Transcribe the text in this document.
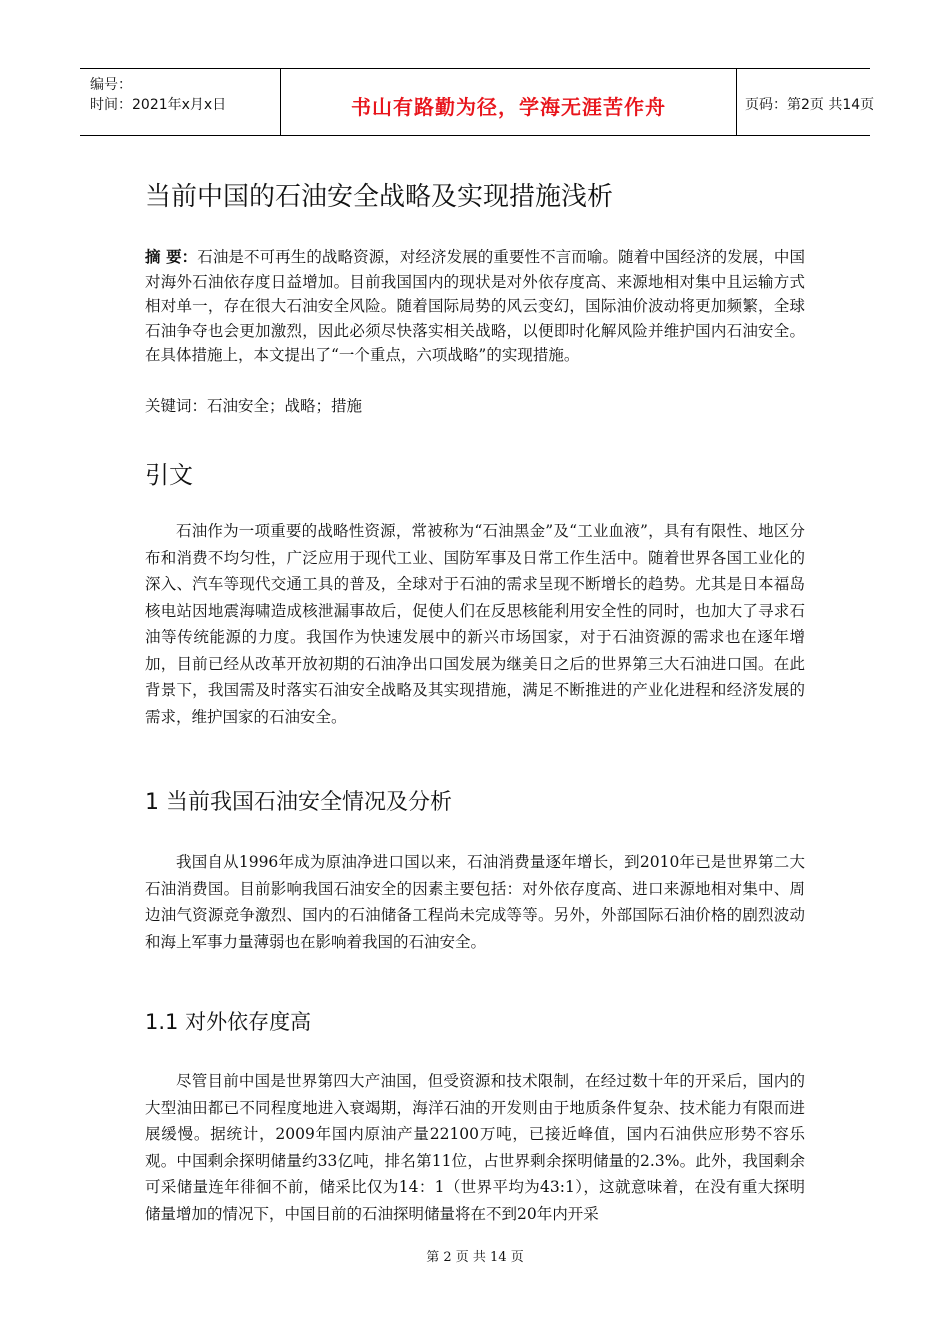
编号：
时间：2021年x月x日	书山有路勤为径，学海无涯苦作舟	页码：第2页 共14页
当前中国的石油安全战略及实现措施浅析
摘 要：石油是不可再生的战略资源，对经济发展的重要性不言而喻。随着中国经济的发展，中国对海外石油依存度日益增加。目前我国国内的现状是对外依存度高、来源地相对集中且运输方式相对单一，存在很大石油安全风险。随着国际局势的风云变幻，国际油价波动将更加频繁，全球石油争夺也会更加激烈，因此必须尽快落实相关战略，以便即时化解风险并维护国内石油安全。在具体措施上，本文提出了“一个重点，六项战略”的实现措施。
关键词：石油安全；战略；措施
引文
石油作为一项重要的战略性资源，常被称为“石油黑金”及“工业血液”，具有有限性、地区分布和消费不均匀性，广泛应用于现代工业、国防军事及日常工作生活中。随着世界各国工业化的深入、汽车等现代交通工具的普及，全球对于石油的需求呈现不断增长的趋势。尤其是日本福岛核电站因地震海啸造成核泄漏事故后，促使人们在反思核能利用安全性的同时，也加大了寻求石油等传统能源的力度。我国作为快速发展中的新兴市场国家，对于石油资源的需求也在逐年增加，目前已经从改革开放初期的石油净出口国发展为继美日之后的世界第三大石油进口国。在此背景下，我国需及时落实石油安全战略及其实现措施，满足不断推进的产业化进程和经济发展的需求，维护国家的石油安全。
1 当前我国石油安全情况及分析
我国自从1996年成为原油净进口国以来，石油消费量逐年增长，到2010年已是世界第二大石油消费国。目前影响我国石油安全的因素主要包括：对外依存度高、进口来源地相对集中、周边油气资源竞争激烈、国内的石油储备工程尚未完成等等。另外，外部国际石油价格的剧烈波动和海上军事力量薄弱也在影响着我国的石油安全。
1.1 对外依存度高
尽管目前中国是世界第四大产油国，但受资源和技术限制，在经过数十年的开采后，国内的大型油田都已不同程度地进入衰竭期，海洋石油的开发则由于地质条件复杂、技术能力有限而进展缓慢。据统计，2009年国内原油产量22100万吨，已接近峰值，国内石油供应形势不容乐观。中国剩余探明储量约33亿吨，排名第11位，占世界剩余探明储量的2.3%。此外，我国剩余可采储量连年徘徊不前，储采比仅为14：1（世界平均为43:1），这就意味着，在没有重大探明储量增加的情况下，中国目前的石油探明储量将在不到20年内开采
第 2 页 共 14 页
